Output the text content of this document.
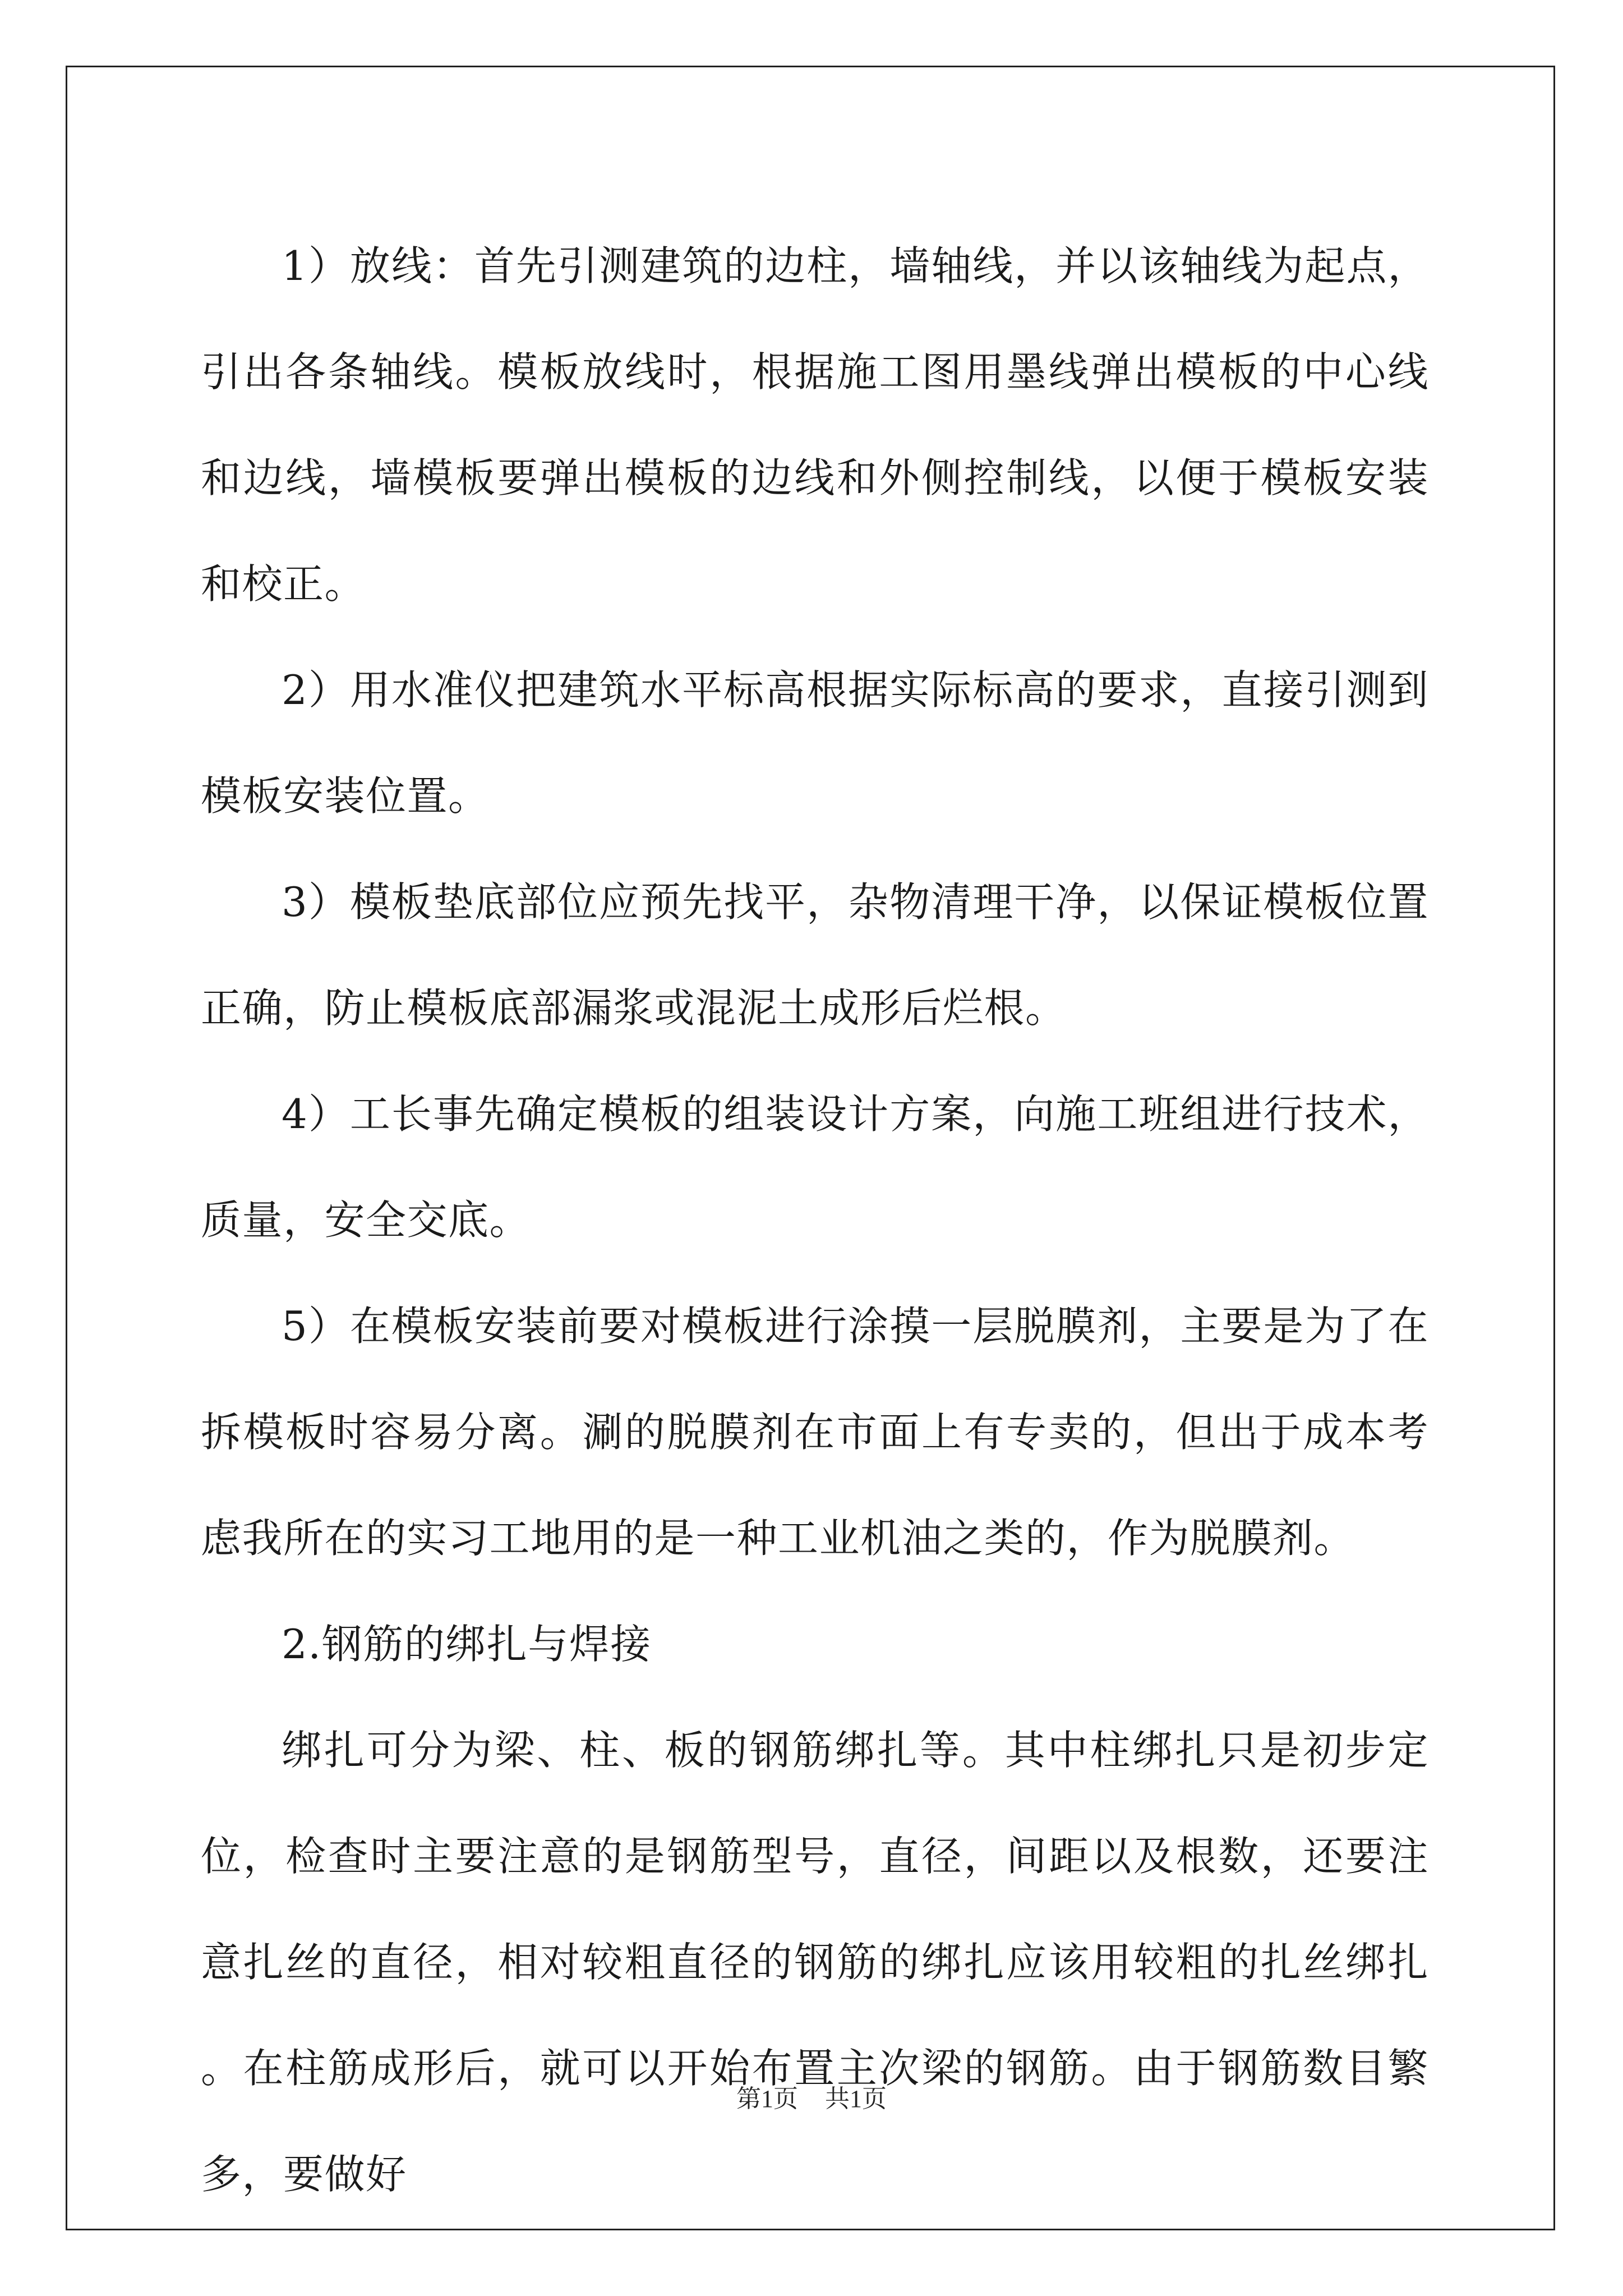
1）放线：首先引测建筑的边柱，墙轴线，并以该轴线为起点，引出各条轴线。模板放线时，根据施工图用墨线弹出模板的中心线和边线，墙模板要弹出模板的边线和外侧控制线，以便于模板安装和校正。

2）用水准仪把建筑水平标高根据实际标高的要求，直接引测到模板安装位置。

3）模板垫底部位应预先找平，杂物清理干净，以保证模板位置正确，防止模板底部漏浆或混泥土成形后烂根。

4）工长事先确定模板的组装设计方案，向施工班组进行技术，质量，安全交底。

5）在模板安装前要对模板进行涂摸一层脱膜剂，主要是为了在拆模板时容易分离。涮的脱膜剂在市面上有专卖的，但出于成本考虑我所在的实习工地用的是一种工业机油之类的，作为脱膜剂。

2.钢筋的绑扎与焊接

绑扎可分为梁、柱、板的钢筋绑扎等。其中柱绑扎只是初步定位，检查时主要注意的是钢筋型号，直径，间距以及根数，还要注意扎丝的直径，相对较粗直径的钢筋的绑扎应该用较粗的扎丝绑扎。在柱筋成形后，就可以开始布置主次梁的钢筋。由于钢筋数目繁多，要做好

第1页 共1页
